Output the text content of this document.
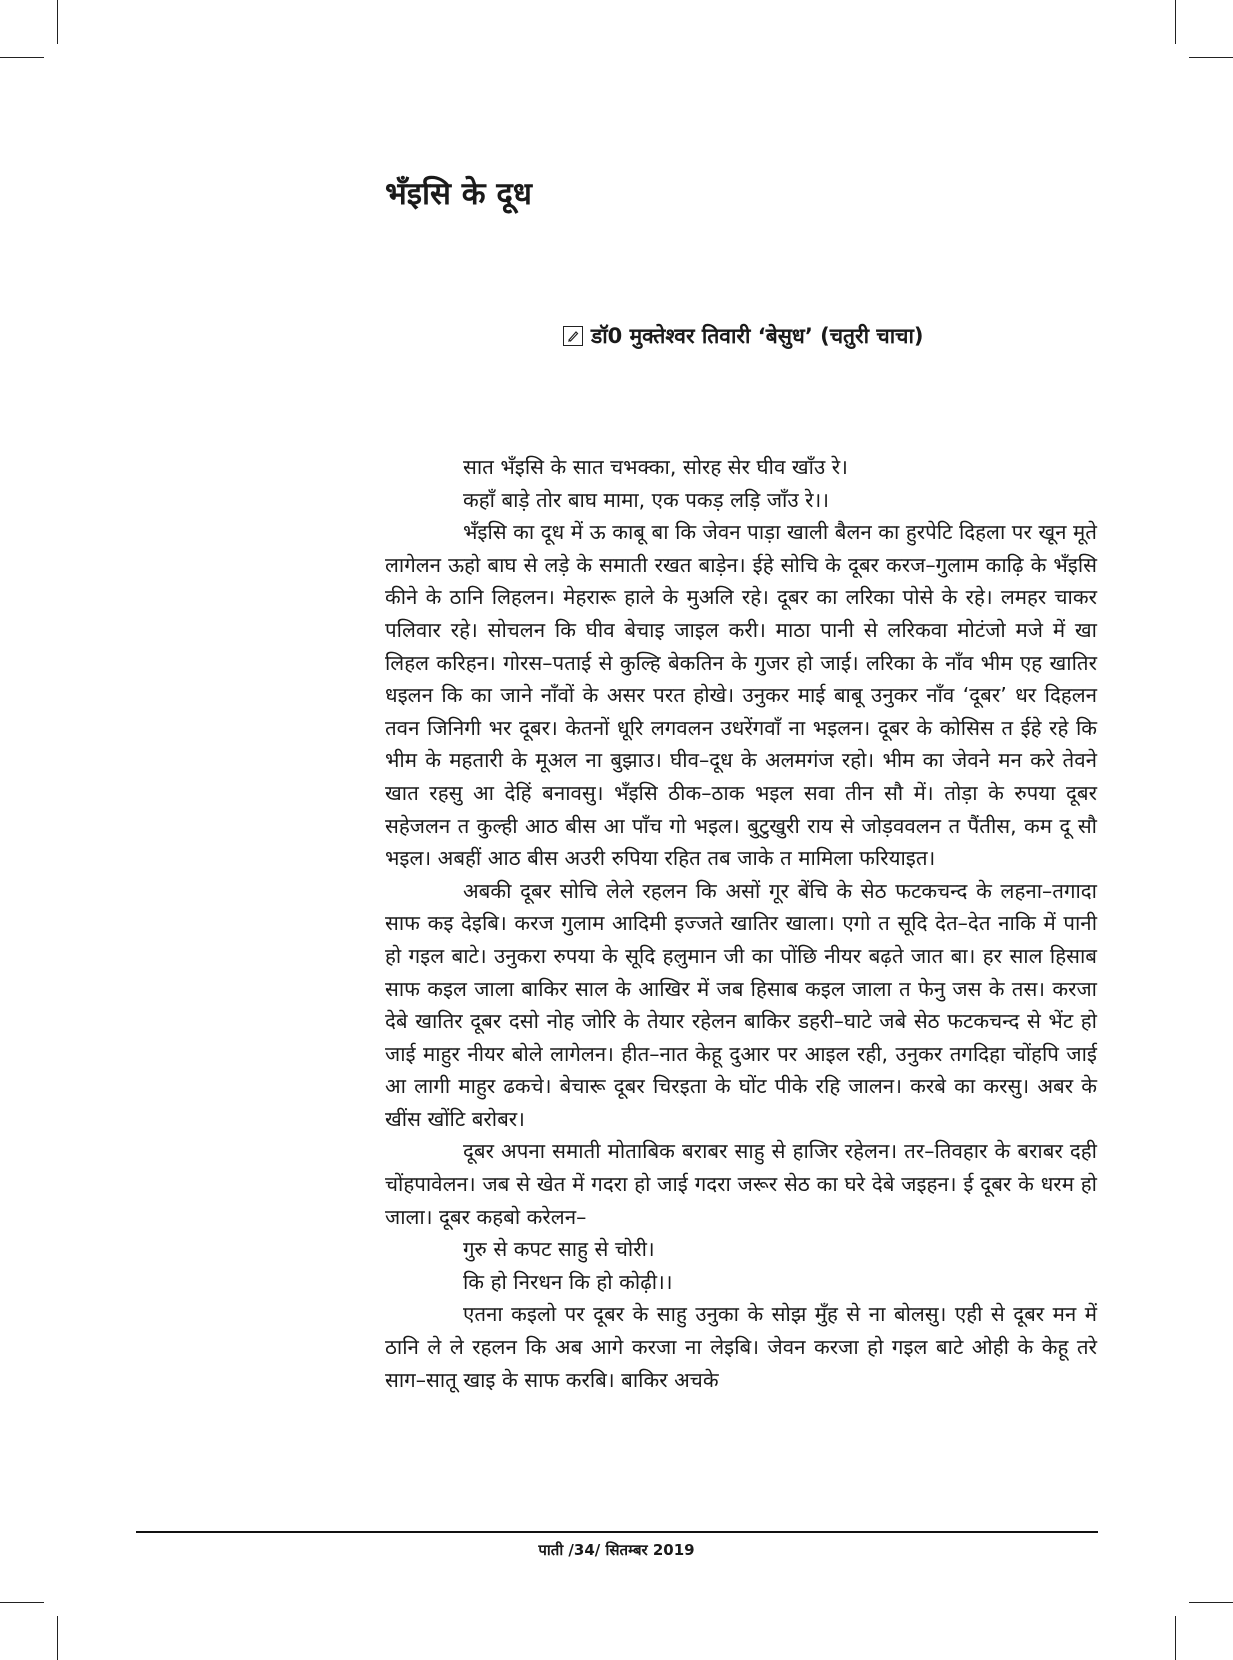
भँइसि के दूध
डॉ0 मुक्तेश्वर तिवारी ‘बेसुध’ (चतुरी चाचा)

सात भँइसि के सात चभक्का, सोरह सेर घीव खाँउ रे।

कहाँ बाड़े तोर बाघ मामा, एक पकड़ लड़ि जाँउ रे।।

भँइसि का दूध में ऊ काबू बा कि जेवन पाड़ा खाली बैलन का हुरपेटि दिहला पर खून मूते लागेलन ऊहो बाघ से लड़े के समाती रखत बाड़ेन। ईहे सोचि के दूबर करज–गुलाम काढ़ि के भँइसि कीने के ठानि लिहलन। मेहरारू हाले के मुअलि रहे। दूबर का लरिका पोसे के रहे। लमहर चाकर पलिवार रहे। सोचलन कि घीव बेचाइ जाइल करी। माठा पानी से लरिकवा मोटंजो मजे में खा लिहल करिहन। गोरस–पताई से कुल्हि बेकतिन के गुजर हो जाई। लरिका के नाँव भीम एह खातिर धइलन कि का जाने नाँवों के असर परत होखे। उनुकर माई बाबू उनुकर नाँव ‘दूबर’ धर दिहलन तवन जिनिगी भर दूबर। केतनों धूरि लगवलन उधरेंगवाँ ना भइलन। दूबर के कोसिस त ईहे रहे कि भीम के महतारी के मूअल ना बुझाउ। घीव–दूध के अलमगंज रहो। भीम का जेवने मन करे तेवने खात रहसु आ देहिं बनावसु। भँइसि ठीक–ठाक भइल सवा तीन सौ में। तोड़ा के रुपया दूबर सहेजलन त कुल्ही आठ बीस आ पाँच गो भइल। बुटुखुरी राय से जोड़ववलन त पैंतीस, कम दू सौ भइल। अबहीं आठ बीस अउरी रुपिया रहित तब जाके त मामिला फरियाइत।

अबकी दूबर सोचि लेले रहलन कि असों गूर बेंचि के सेठ फटकचन्द के लहना–तगादा साफ कइ देइबि। करज गुलाम आदिमी इज्जते खातिर खाला। एगो त सूदि देत–देत नाकि में पानी हो गइल बाटे। उनुकरा रुपया के सूदि हलुमान जी का पोंछि नीयर बढ़ते जात बा। हर साल हिसाब साफ कइल जाला बाकिर साल के आखिर में जब हिसाब कइल जाला त फेनु जस के तस। करजा देबे खातिर दूबर दसो नोह जोरि के तेयार रहेलन बाकिर डहरी–घाटे जबे सेठ फटकचन्द से भेंट हो जाई माहुर नीयर बोले लागेलन। हीत–नात केहू दुआर पर आइल रही, उनुकर तगदिहा चोंहपि जाई आ लागी माहुर ढकचे। बेचारू दूबर चिरइता के घोंट पीके रहि जालन। करबे का करसु। अबर के खींस खोंटि बरोबर।

दूबर अपना समाती मोताबिक बराबर साहु से हाजिर रहेलन। तर–तिवहार के बराबर दही चोंहपावेलन। जब से खेत में गदरा हो जाई गदरा जरूर सेठ का घरे देबे जइहन। ई दूबर के धरम हो जाला। दूबर कहबो करेलन–

गुरु से कपट साहु से चोरी।

कि हो निरधन कि हो कोढ़ी।।

एतना कइलो पर दूबर के साहु उनुका के सोझ मुँह से ना बोलसु। एही से दूबर मन में ठानि ले ले रहलन कि अब आगे करजा ना लेइबि। जेवन करजा हो गइल बाटे ओही के केहू तरे साग–सातू खाइ के साफ करबि। बाकिर अचके

पाती /34/ सितम्बर 2019
